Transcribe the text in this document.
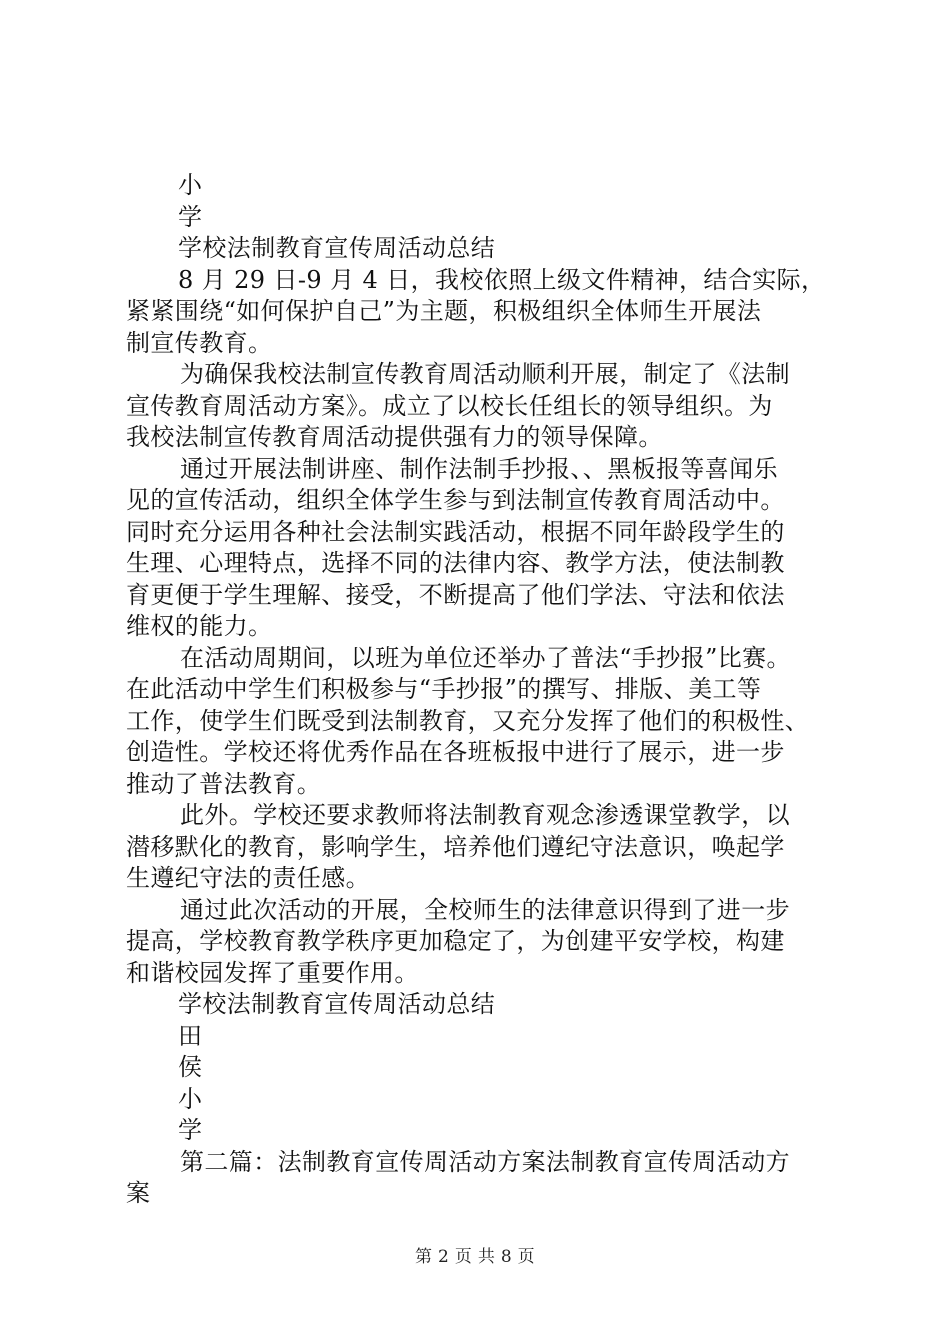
小
学
学校法制教育宣传周活动总结
8 月 29 日-9 月 4 日，我校依照上级文件精神，结合实际，
紧紧围绕“如何保护自己”为主题，积极组织全体师生开展法
制宣传教育。
为确保我校法制宣传教育周活动顺利开展，制定了《法制
宣传教育周活动方案》。成立了以校长任组长的领导组织。为
我校法制宣传教育周活动提供强有力的领导保障。
通过开展法制讲座、制作法制手抄报、、黑板报等喜闻乐
见的宣传活动，组织全体学生参与到法制宣传教育周活动中。
同时充分运用各种社会法制实践活动，根据不同年龄段学生的
生理、心理特点，选择不同的法律内容、教学方法，使法制教
育更便于学生理解、接受，不断提高了他们学法、守法和依法
维权的能力。
在活动周期间，以班为单位还举办了普法“手抄报”比赛。
在此活动中学生们积极参与“手抄报”的撰写、排版、美工等
工作，使学生们既受到法制教育，又充分发挥了他们的积极性、
创造性。学校还将优秀作品在各班板报中进行了展示，进一步
推动了普法教育。
此外。学校还要求教师将法制教育观念渗透课堂教学，以
潜移默化的教育，影响学生，培养他们遵纪守法意识，唤起学
生遵纪守法的责任感。
通过此次活动的开展，全校师生的法律意识得到了进一步
提高，学校教育教学秩序更加稳定了，为创建平安学校，构建
和谐校园发挥了重要作用。
学校法制教育宣传周活动总结
田
侯
小
学
第二篇：法制教育宣传周活动方案法制教育宣传周活动方
案
第 2 页 共 8 页
